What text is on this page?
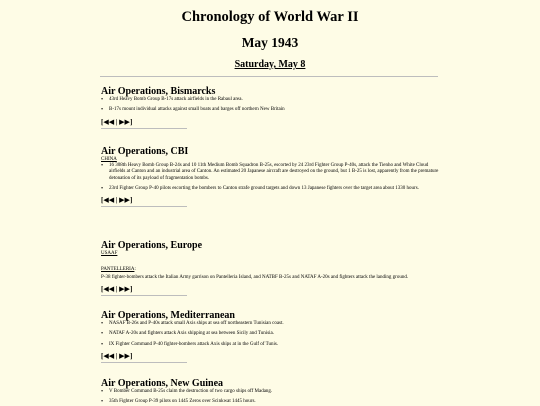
Chronology of World War II
May 1943
Saturday, May 8
Air Operations, Bismarcks
• 43rd Heavy Bomb Group B-17s attack airfields in the Rabaul area.
• B-17s mount individual attacks against small boats and barges off northern New Britain
[◀◀ | ▶▶]
Air Operations, CBI
CHINA
• 16 308th Heavy Bomb Group B-24s and 10 11th Medium Bomb Squadron B-25s, escorted by 24 23rd Fighter Group P-40s, attack the Tienho and White Cloud airfields at Canton and an industrial area of Canton. An estimated 20 Japanese aircraft are destroyed on the ground, but 1 B-25 is lost, apparently from the premature detonation of its payload of fragmentation bombs.
• 23rd Fighter Group P-40 pilots escorting the bombers to Canton strafe ground targets and down 13 Japanese fighters over the target area about 1330 hours.
[◀◀ | ▶▶]
Air Operations, Europe
USAAF
PANTELLERIA:
P-38 fighter-bombers attack the Italian Army garrison on Pantelleria Island, and NATBF B-25s and NATAF A-20s and fighters attack the landing ground.
[◀◀ | ▶▶]
Air Operations, Mediterranean
• NASAF B-26s and P-40s attack small Axis ships at sea off northeastern Tunisian coast.
• NATAF A-20s and fighters attack Axis shipping at sea between Sicily and Tunisia.
• IX Fighter Command P-40 fighter-bombers attack Axis ships at in the Gulf of Tunis.
[◀◀ | ▶▶]
Air Operations, New Guinea
• V Bomber Command B-25s claim the destruction of two cargo ships off Madang.
• 35th Fighter Group P-39 pilots on 1445 Zeros over Scinkwat 1445 hours.
